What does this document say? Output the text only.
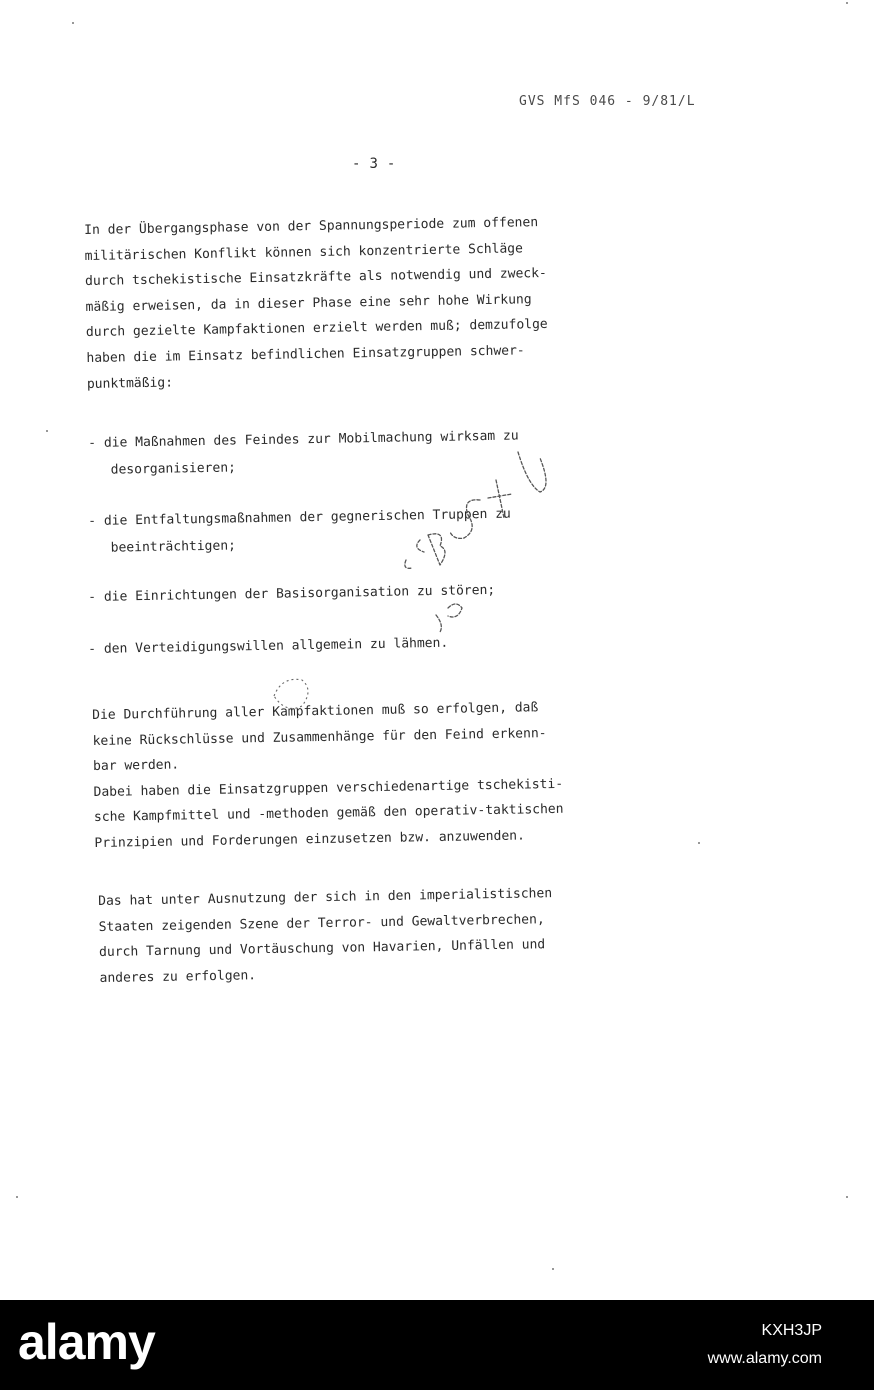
GVS MfS 046 - 9/81/L
- 3 -
In der Übergangsphase von der Spannungsperiode zum offenen
militärischen Konflikt können sich konzentrierte Schläge
durch tschekistische Einsatzkräfte als notwendig und zweck-
mäßig erweisen, da in dieser Phase eine sehr hohe Wirkung
durch gezielte Kampfaktionen erzielt werden muß; demzufolge
haben die im Einsatz befindlichen Einsatzgruppen schwer-
punktmäßig:
- die Maßnahmen des Feindes zur Mobilmachung wirksam zu
desorganisieren;
- die Entfaltungsmaßnahmen der gegnerischen Truppen zu
beeinträchtigen;
- die Einrichtungen der Basisorganisation zu stören;
- den Verteidigungswillen allgemein zu lähmen.
Die Durchführung aller Kampfaktionen muß so erfolgen, daß
keine Rückschlüsse und Zusammenhänge für den Feind erkenn-
bar werden.
Dabei haben die Einsatzgruppen verschiedenartige tschekisti-
sche Kampfmittel und -methoden gemäß den operativ-taktischen
Prinzipien und Forderungen einzusetzen bzw. anzuwenden.
Das hat unter Ausnutzung der sich in den imperialistischen
Staaten zeigenden Szene der Terror- und Gewaltverbrechen,
durch Tarnung und Vortäuschung von Havarien, Unfällen und
anderes zu erfolgen.
alamy	KXH3JP
www.alamy.com
